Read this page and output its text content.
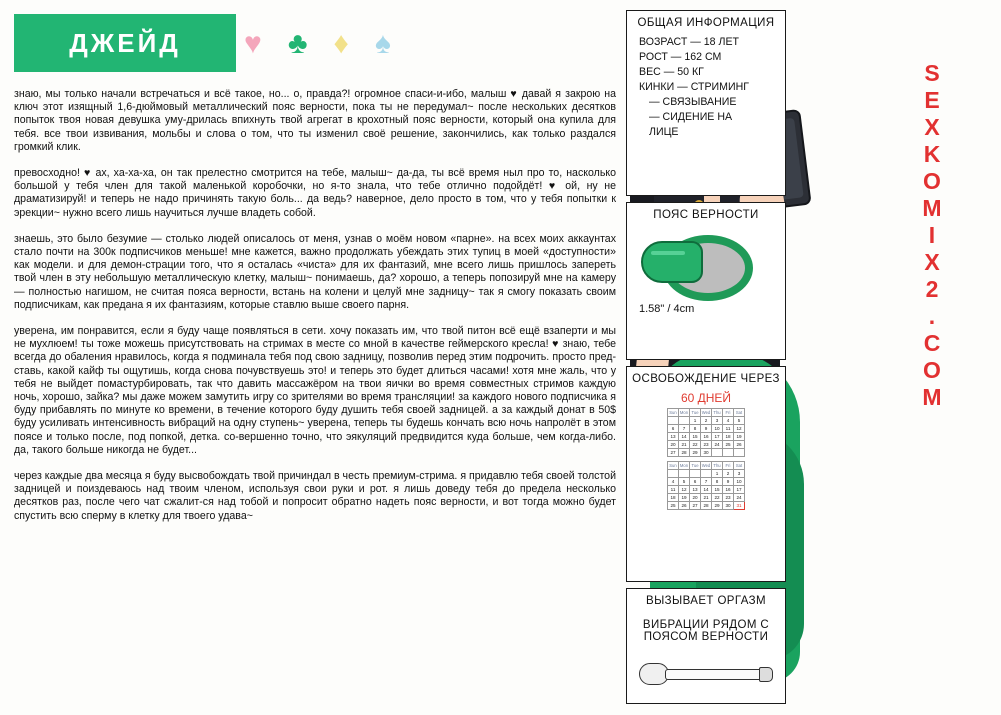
ДЖЕЙД ♥ ♣ ♦ ♠

знаю, мы только начали встречаться и всё такое, но... о, правда?! огромное спаси-и-ибо, малыш ♥ давай я закрою на ключ этот изящный 1,6-дюймовый металлический пояс верности, пока ты не передумал~ после нескольких десятков попыток твоя новая девушка уму-дрилась впихнуть твой агрегат в крохотный пояс верности, который она купила для тебя. все твои извивания, мольбы и слова о том, что ты изменил своё решение, закончились, как только раздался громкий клик.

превосходно! ♥ ах, ха-ха-ха, он так прелестно смотрится на тебе, малыш~ да-да, ты всё время ныл про то, насколько большой у тебя член для такой маленькой коробочки, но я-то знала, что тебе отлично подойдёт! ♥ ой, ну не драматизируй! и теперь не надо причинять такую боль... да ведь? наверное, дело просто в том, что у тебя попытки к эрекции~ нужно всего лишь научиться лучше владеть собой.

знаешь, это было безумие — столько людей описалось от меня, узнав о моём новом «парне». на всех моих аккаунтах стало почти на 300к подписчиков меньше! мне кажется, важно продолжать убеждать этих тупиц в моей «доступности» как модели. и для демон-страции того, что я осталась «чиста» для их фантазий, мне всего лишь пришлось запереть твой член в эту небольшую металлическую клетку, малыш~ понимаешь, да? хорошо, а теперь попозируй мне на камеру — полностью нагишом, не считая пояса верности, встань на колени и целуй мне задницу~ так я смогу показать своим подписчикам, как предана я их фантазиям, которые ставлю выше своего парня.

уверена, им понравится, если я буду чаще появляться в сети. хочу показать им, что твой питон всё ещё взаперти и мы не мухлюем! ты тоже можешь присутствовать на стримах в месте со мной в качестве геймерского кресла! ♥ знаю, тебе всегда до обаления нравилось, когда я подминала тебя под свою задницу, позволив перед этим подрочить. просто пред-ставь, какой кайф ты ощутишь, когда снова почувствуешь это! и теперь это будет длиться часами! хотя мне жаль, что у тебя не выйдет помастурбировать, так что давить массажёром на твои яички во время совместных стримов каждую ночь, хорошо, зайка? мы даже можем замутить игру со зрителями во время трансляции! за каждого нового подписчика я буду прибавлять по минуте ко времени, в течение которого буду душить тебя своей задницей. а за каждый донат в 50$ буду усиливать интенсивность вибраций на одну ступень~ уверена, теперь ты будешь кончать всю ночь напролёт в этом поясе и только после, под попкой, детка. со-вершенно точно, что эякуляций предвидится куда больше, чем когда-либо. да, такого больше никогда не будет...

через каждые два месяца я буду высвобождать твой причиндал в честь премиум-стрима. я придавлю тебя своей толстой задницей и поиздеваюсь над твоим членом, используя свои руки и рот. я лишь доведу тебя до предела несколько десятков раз, после чего чат сжалит-ся над тобой и попросит обратно надеть пояс верности, и вот тогда можно будет спустить всю сперму в клетку для твоего удава~

ОБЩАЯ ИНФОРМАЦИЯ
ВОЗРАСТ — 18 ЛЕТ
РОСТ — 162 СМ
ВЕС — 50 КГ
КИНКИ — СТРИМИНГ
— СВЯЗЫВАНИЕ
— СИДЕНИЕ НА
ЛИЦЕ
ПОЯС ВЕРНОСТИ
1.58" / 4cm
ОСВОБОЖДЕНИЕ ЧЕРЕЗ
60 ДНЕЙ
Sun	Mon	Tue	Wed	Thu	Fri	Sat
		1	2	3	4	5
6	7	8	9	10	11	12
13	14	15	16	17	18	19
20	21	22	23	24	25	26
27	28	29	30			
Sun	Mon	Tue	Wed	Thu	Fri	Sat
				1	2	3
4	5	6	7	8	9	10
11	12	13	14	15	16	17
18	19	20	21	22	23	24
25	26	27	28	29	30	31
ВЫЗЫВАЕТ ОРГАЗМ
ВИБРАЦИИ РЯДОМ С ПОЯСОМ ВЕРНОСТИ
SEXKOMIX2.COM
